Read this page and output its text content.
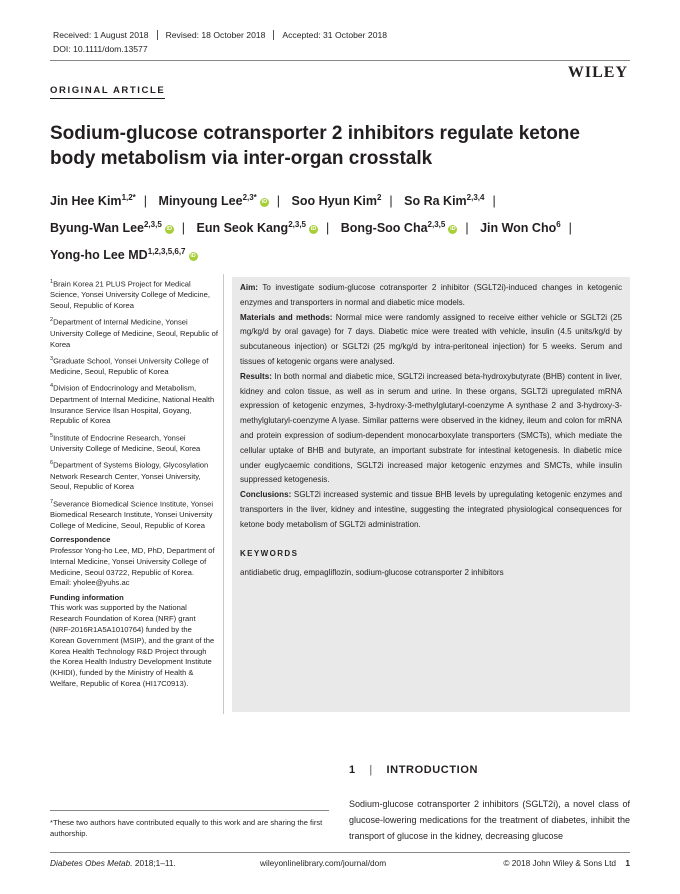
Received: 1 August 2018	Revised: 18 October 2018	Accepted: 31 October 2018
DOI: 10.1111/dom.13577
WILEY
ORIGINAL ARTICLE
Sodium-glucose cotransporter 2 inhibitors regulate ketone body metabolism via inter-organ crosstalk
Jin Hee Kim$^{1,2*}$ | Minyoung Lee$^{2,3*}$iD | Soo Hyun Kim$^2$ | So Ra Kim$^{2,3,4}$ |
Byung-Wan Lee$^{2,3,5}$iD | Eun Seok Kang$^{2,3,5}$iD | Bong-Soo Cha$^{2,3,5}$iD | Jin Won Cho$^6$ |
Yong-ho Lee MD$^{1,2,3,5,6,7}$iD

$^1$Brain Korea 21 PLUS Project for Medical Science, Yonsei University College of Medicine, Seoul, Republic of Korea

$^2$Department of Internal Medicine, Yonsei University College of Medicine, Seoul, Republic of Korea

$^3$Graduate School, Yonsei University College of Medicine, Seoul, Republic of Korea

$^4$Division of Endocrinology and Metabolism, Department of Internal Medicine, National Health Insurance Service Ilsan Hospital, Goyang, Republic of Korea

$^5$Institute of Endocrine Research, Yonsei University College of Medicine, Seoul, Korea

$^6$Department of Systems Biology, Glycosylation Network Research Center, Yonsei University, Seoul, Republic of Korea

$^7$Severance Biomedical Science Institute, Yonsei Biomedical Research Institute, Yonsei University College of Medicine, Seoul, Republic of Korea

Correspondence
Professor Yong-ho Lee, MD, PhD, Department of Internal Medicine, Yonsei University College of Medicine, Seoul 03722, Republic of Korea.
Email: yholee@yuhs.ac

Funding information
This work was supported by the National Research Foundation of Korea (NRF) grant (NRF-2016R1A5A1010764) funded by the Korean Government (MSIP), and the grant of the Korea Health Technology R&D Project through the Korea Health Industry Development Institute (KHIDI), funded by the Ministry of Health & Welfare, Republic of Korea (HI17C0913).

Aim: To investigate sodium-glucose cotransporter 2 inhibitor (SGLT2i)-induced changes in ketogenic enzymes and transporters in normal and diabetic mice models.

Materials and methods: Normal mice were randomly assigned to receive either vehicle or SGLT2i (25 mg/kg/d by oral gavage) for 7 days. Diabetic mice were treated with vehicle, insulin (4.5 units/kg/d by subcutaneous injection) or SGLT2i (25 mg/kg/d by intra-peritoneal injection) for 5 weeks. Serum and tissues of ketogenic organs were analysed.

Results: In both normal and diabetic mice, SGLT2i increased beta-hydroxybutyrate (BHB) content in liver, kidney and colon tissue, as well as in serum and urine. In these organs, SGLT2i upregulated mRNA expression of ketogenic enzymes, 3-hydroxy-3-methylglutaryl-coenzyme A synthase 2 and 3-hydroxy-3-methylglutaryl-coenzyme A lyase. Similar patterns were observed in the kidney, ileum and colon for mRNA and protein expression of sodium-dependent monocarboxylate transporters (SMCTs), which mediate the cellular uptake of BHB and butyrate, an important substrate for intestinal ketogenesis. In diabetic mice under euglycaemic conditions, SGLT2i increased major ketogenic enzymes and SMCTs, while insulin suppressed ketogenesis.

Conclusions: SGLT2i increased systemic and tissue BHB levels by upregulating ketogenic enzymes and transporters in the liver, kidney and intestine, suggesting the integrated physiological consequences for ketone body metabolism of SGLT2i administration.

KEYWORDS

antidiabetic drug, empagliflozin, sodium-glucose cotransporter 2 inhibitors

1 | INTRODUCTION
Sodium-glucose cotransporter 2 inhibitors (SGLT2i), a novel class of glucose-lowering medications for the treatment of diabetes, inhibit the transport of glucose in the kidney, decreasing glucose
*These two authors have contributed equally to this work and are sharing the first authorship.
Diabetes Obes Metab. 2018;1–11.	wileyonlinelibrary.com/journal/dom	© 2018 John Wiley & Sons Ltd 1
